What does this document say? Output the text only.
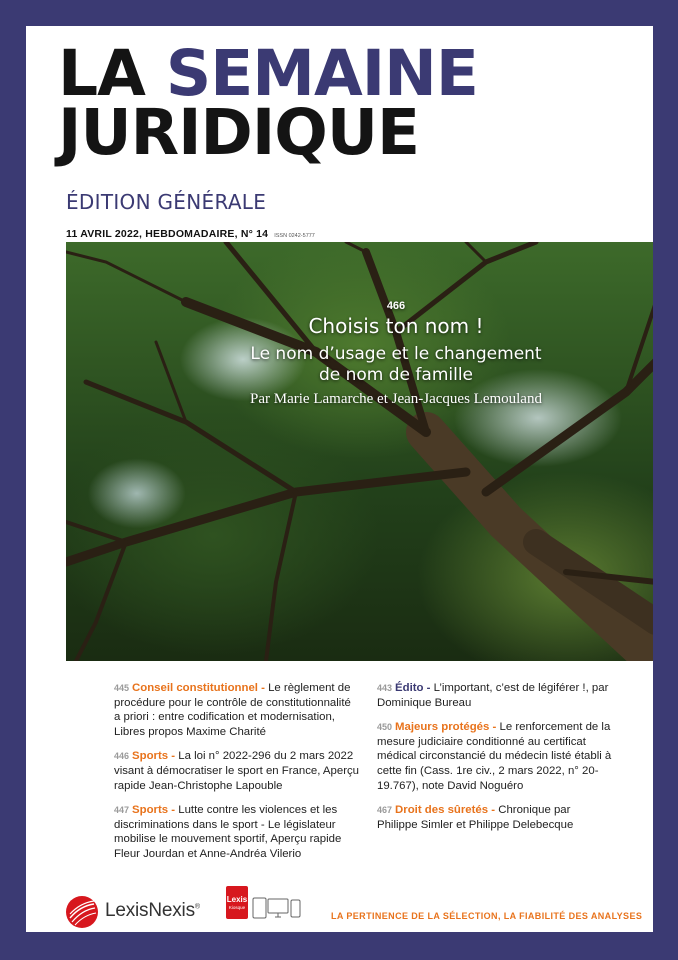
LA SEMAINE
JURIDIQUE
ÉDITION GÉNÉRALE
11 AVRIL 2022, HEBDOMADAIRE, N° 14 ISSN 0242-5777
466
Choisis ton nom !
Le nom d’usage et le changement
de nom de famille
Par Marie Lamarche et Jean-Jacques Lemouland
445 Conseil constitutionnel - Le règlement de procédure pour le contrôle de constitutionnalité a priori : entre codification et modernisation, Libres propos Maxime Charité
446 Sports - La loi n° 2022-296 du 2 mars 2022 visant à démocratiser le sport en France, Aperçu rapide Jean-Christophe Lapouble
447 Sports - Lutte contre les violences et les discriminations dans le sport - Le législateur mobilise le mouvement sportif, Aperçu rapide Fleur Jourdan et Anne-Andréa Vilerio
443 Édito - L’important, c’est de légiférer !, par Dominique Bureau
450 Majeurs protégés - Le renforcement de la mesure judiciaire conditionné au certificat médical circonstancié du médecin listé établi à cette fin (Cass. 1re civ., 2 mars 2022, n° 20-19.767), note David Noguéro
467 Droit des sûretés - Chronique par Philippe Simler et Philippe Delebecque
LexisNexis®
Lexis
Kiosque
LA PERTINENCE DE LA SÉLECTION, LA FIABILITÉ DES ANALYSES
